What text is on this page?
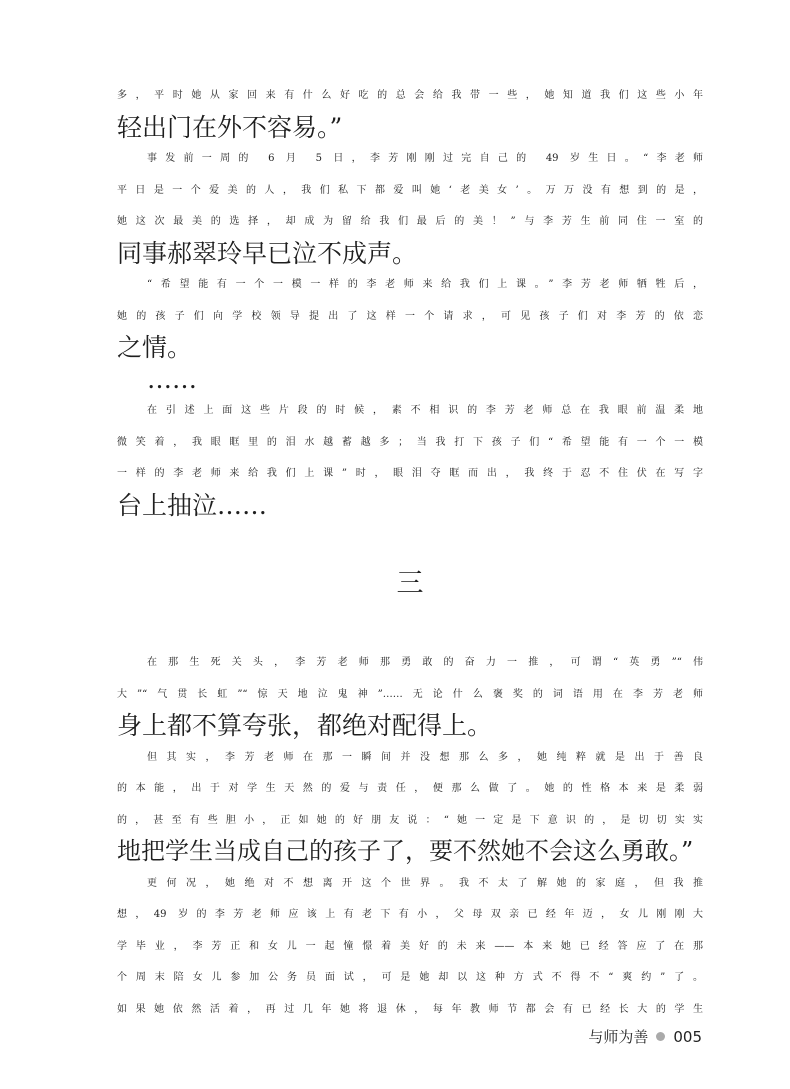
多，平时她从家回来有什么好吃的总会给我带一些，她知道我们这些小年
轻出门在外不容易。”
事发前一周的 6 月 5 日，李芳刚刚过完自己的 49 岁生日。“李老师
平日是一个爱美的人，我们私下都爱叫她‘老美女’。万万没有想到的是，
她这次最美的选择，却成为留给我们最后的美！”与李芳生前同住一室的
同事郝翠玲早已泣不成声。
“希望能有一个一模一样的李老师来给我们上课。”李芳老师牺牲后，
她的孩子们向学校领导提出了这样一个请求，可见孩子们对李芳的依恋
之情。
……
在引述上面这些片段的时候，素不相识的李芳老师总在我眼前温柔地
微笑着，我眼眶里的泪水越蓄越多；当我打下孩子们“希望能有一个一模
一样的李老师来给我们上课”时，眼泪夺眶而出，我终于忍不住伏在写字
台上抽泣……
三
在那生死关头，李芳老师那勇敢的奋力一推，可谓“英勇”“伟
大”“气贯长虹”“惊天地泣鬼神”……无论什么褒奖的词语用在李芳老师
身上都不算夸张，都绝对配得上。
但其实，李芳老师在那一瞬间并没想那么多，她纯粹就是出于善良
的本能，出于对学生天然的爱与责任，便那么做了。她的性格本来是柔弱
的，甚至有些胆小，正如她的好朋友说：“她一定是下意识的，是切切实实
地把学生当成自己的孩子了，要不然她不会这么勇敢。”
更何况，她绝对不想离开这个世界。我不太了解她的家庭，但我推
想，49 岁的李芳老师应该上有老下有小，父母双亲已经年迈，女儿刚刚大
学毕业，李芳正和女儿一起憧憬着美好的未来——本来她已经答应了在那
个周末陪女儿参加公务员面试，可是她却以这种方式不得不“爽约”了。
如果她依然活着，再过几年她将退休，每年教师节都会有已经长大的学生
与师为善 005
